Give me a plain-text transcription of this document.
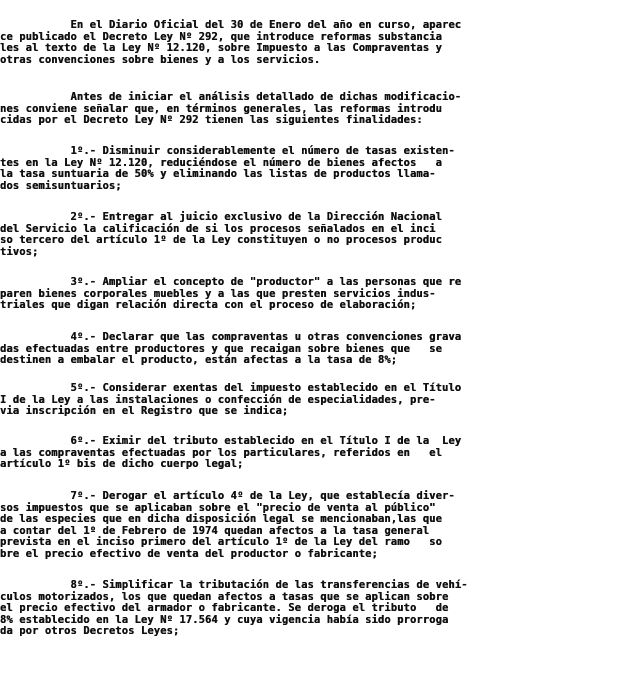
En el Diario Oficial del 30 de Enero del año en curso, aparec
ce publicado el Decreto Ley Nº 292, que introduce reformas substancia
les al texto de la Ley Nº 12.120, sobre Impuesto a las Compraventas y
otras convenciones sobre bienes y a los servicios.
Antes de iniciar el análisis detallado de dichas modificacio-
nes conviene señalar que, en términos generales, las reformas introdu
cidas por el Decreto Ley Nº 292 tienen las siguientes finalidades:
1º.- Disminuir considerablemente el número de tasas existen-
tes en la Ley Nº 12.120, reduciéndose el número de bienes afectos   a
la tasa suntuaria de 50% y eliminando las listas de productos llama-
dos semisuntuarios;
2º.- Entregar al juicio exclusivo de la Dirección Nacional
del Servicio la calificación de si los procesos señalados en el inci
so tercero del artículo 1º de la Ley constituyen o no procesos produc
tivos;
3º.- Ampliar el concepto de "productor" a las personas que re
paren bienes corporales muebles y a las que presten servicios indus-
triales que digan relación directa con el proceso de elaboración;
4º.- Declarar que las compraventas u otras convenciones grava
das efectuadas entre productores y que recaigan sobre bienes que   se
destinen a embalar el producto, están afectas a la tasa de 8%;
5º.- Considerar exentas del impuesto establecido en el Título
I de la Ley a las instalaciones o confección de especialidades, pre-
via inscripción en el Registro que se indica;
6º.- Eximir del tributo establecido en el Título I de la  Ley
a las compraventas efectuadas por los particulares, referidos en   el
artículo 1º bis de dicho cuerpo legal;
7º.- Derogar el artículo 4º de la Ley, que establecía diver-
sos impuestos que se aplicaban sobre el "precio de venta al público"
de las especies que en dicha disposición legal se mencionaban,las que
a contar del 1º de Febrero de 1974 quedan afectos a la tasa general
prevista en el inciso primero del artículo 1º de la Ley del ramo   so
bre el precio efectivo de venta del productor o fabricante;
8º.- Simplificar la tributación de las transferencias de vehí-
culos motorizados, los que quedan afectos a tasas que se aplican sobre
el precio efectivo del armador o fabricante. Se deroga el tributo   de
8% establecido en la Ley Nº 17.564 y cuya vigencia había sido prorroga
da por otros Decretos Leyes;
